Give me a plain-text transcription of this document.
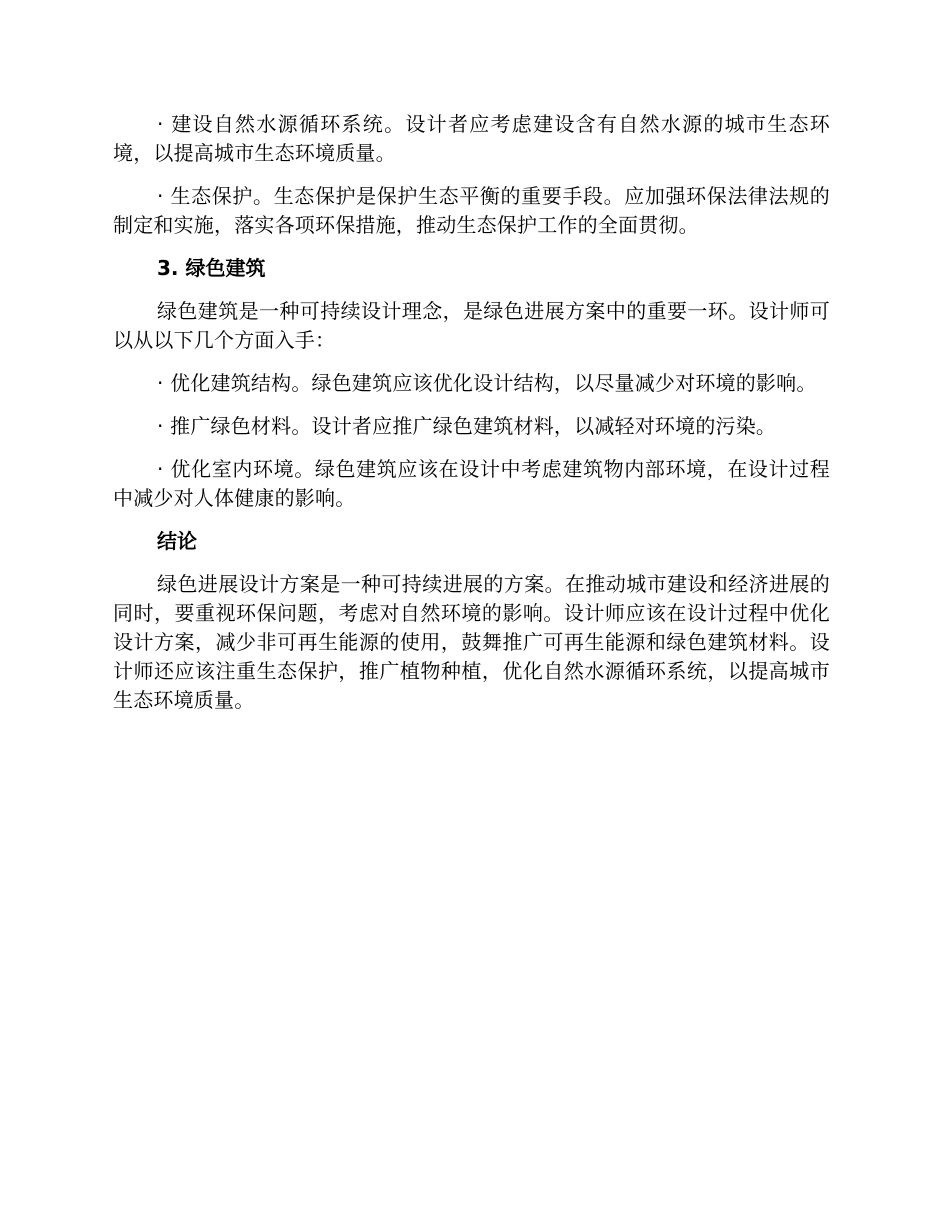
· 建设自然水源循环系统。设计者应考虑建设含有自然水源的城市生态环境，以提高城市生态环境质量。

· 生态保护。生态保护是保护生态平衡的重要手段。应加强环保法律法规的制定和实施，落实各项环保措施，推动生态保护工作的全面贯彻。

3. 绿色建筑

绿色建筑是一种可持续设计理念，是绿色进展方案中的重要一环。设计师可以从以下几个方面入手：

· 优化建筑结构。绿色建筑应该优化设计结构，以尽量减少对环境的影响。

· 推广绿色材料。设计者应推广绿色建筑材料，以减轻对环境的污染。

· 优化室内环境。绿色建筑应该在设计中考虑建筑物内部环境，在设计过程中减少对人体健康的影响。

结论

绿色进展设计方案是一种可持续进展的方案。在推动城市建设和经济进展的同时，要重视环保问题，考虑对自然环境的影响。设计师应该在设计过程中优化设计方案，减少非可再生能源的使用，鼓舞推广可再生能源和绿色建筑材料。设计师还应该注重生态保护，推广植物种植，优化自然水源循环系统，以提高城市生态环境质量。
